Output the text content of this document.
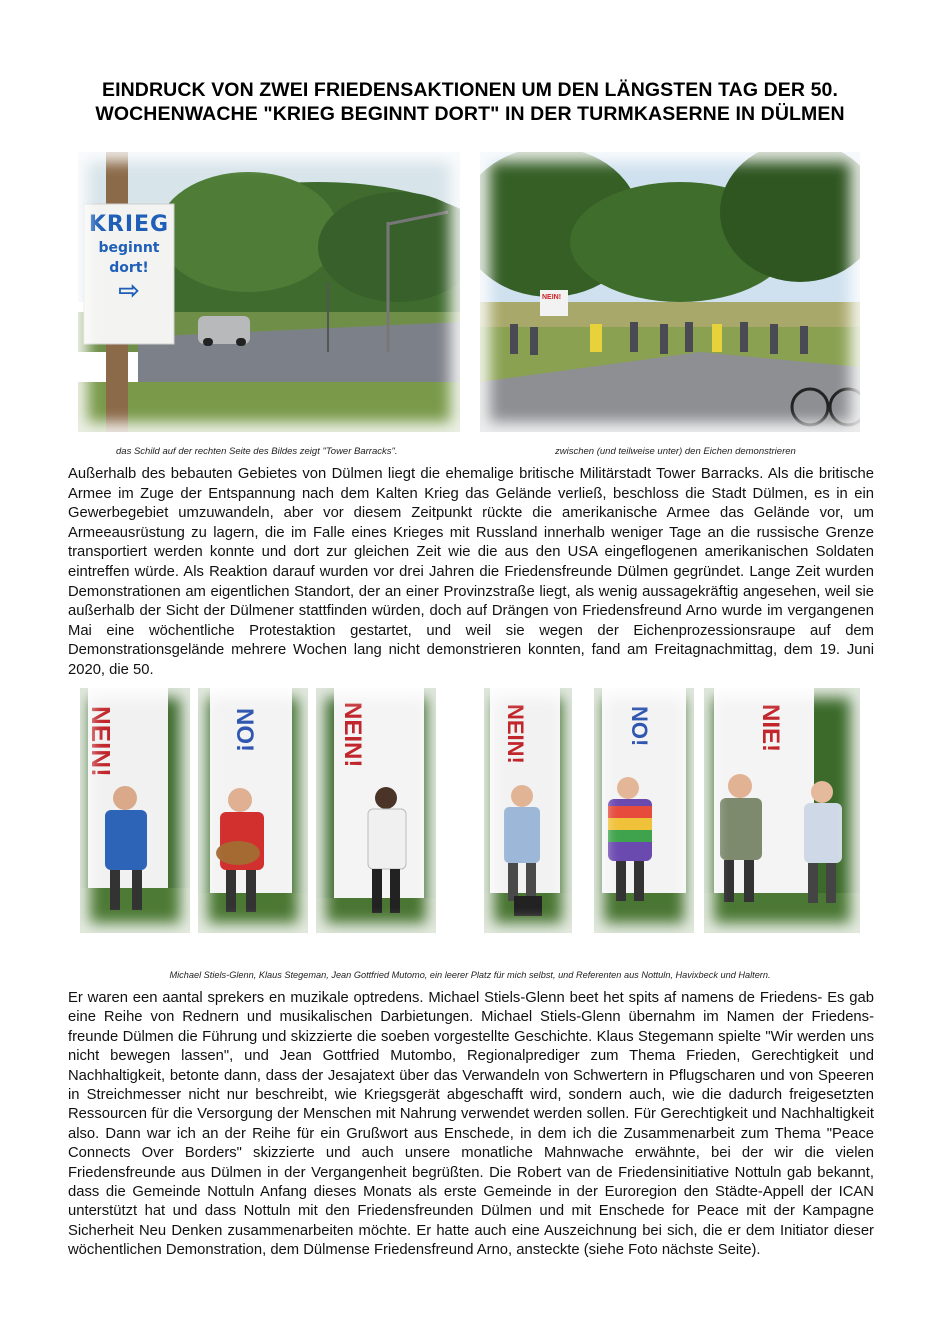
EINDRUCK VON ZWEI FRIEDENSAKTIONEN UM DEN LÄNGSTEN TAG DER 50.
WOCHENWACHE "KRIEG BEGINNT DORT" IN DER TURMKASERNE IN DÜLMEN
KRIEG
beginnt
dort!
⇨	NEIN!
das Schild auf der rechten Seite des Bildes zeigt "Tower Barracks".	zwischen (und teilweise unter) den Eichen demonstrieren
Außerhalb des bebauten Gebietes von Dülmen liegt die ehemalige britische Militärstadt Tower Barracks. Als die britische Armee im Zuge der Entspannung nach dem Kalten Krieg das Gelände verließ, beschloss die Stadt Dülmen, es in ein Gewerbegebiet umzuwandeln, aber vor diesem Zeitpunkt rückte die amerikanische Armee das Gelände vor, um Armeeausrüstung zu lagern, die im Falle eines Krieges mit Russland innerhalb weniger Tage an die russische Grenze transportiert werden konnte und dort zur gleichen Zeit wie die aus den USA eingeflogenen amerikanischen Soldaten eintreffen würde. Als Reaktion darauf wurden vor drei Jahren die Friedensfreunde Dülmen gegründet. Lange Zeit wurden Demonstrationen am eigentlichen Standort, der an einer Provinzstraße liegt, als wenig aussagekräftig angesehen, weil sie außerhalb der Sicht der Dülmener stattfinden würden, doch auf Drängen von Friedensfreund Arno wurde im vergangenen Mai eine wöchentliche Protestaktion gestartet, und weil sie wegen der Eichenprozessionsraupe auf dem Demonstrationsgelände mehrere Wochen lang nicht demonstrieren konnten, fand am Freitagnachmittag, dem 19. Juni 2020, die 50.
NEIN!	NO!	NEIN!	NEIN!	NO!	NIE!
Michael Stiels-Glenn, Klaus Stegeman, Jean Gottfried Mutomo, ein leerer Platz für mich selbst, und Referenten aus Nottuln, Havixbeck und Haltern.
Er waren een aantal sprekers en muzikale optredens. Michael Stiels-Glenn beet het spits af namens de Friedens- Es gab eine Reihe von Rednern und musikalischen Darbietungen. Michael Stiels-Glenn übernahm im Namen der Friedens- freunde Dülmen die Führung und skizzierte die soeben vorgestellte Geschichte. Klaus Stegemann spielte "Wir werden uns nicht bewegen lassen", und Jean Gottfried Mutombo, Regionalprediger zum Thema Frieden, Gerechtigkeit und Nachhaltigkeit, betonte dann, dass der Jesajatext über das Verwandeln von Schwertern in Pflugscharen und von Speeren in Streichmesser nicht nur beschreibt, wie Kriegsgerät abgeschafft wird, sondern auch, wie die dadurch freigesetzten Ressourcen für die Versorgung der Menschen mit Nahrung verwendet werden sollen. Für Gerechtigkeit und Nachhaltigkeit also. Dann war ich an der Reihe für ein Grußwort aus Enschede, in dem ich die Zusammenarbeit zum Thema "Peace Connects Over Borders" skizzierte und auch unsere monatliche Mahnwache erwähnte, bei der wir die vielen Friedensfreunde aus Dülmen in der Vergangenheit begrüßten. Die Robert van de Friedensinitiative Nottuln gab bekannt, dass die Gemeinde Nottuln Anfang dieses Monats als erste Gemeinde in der Euroregion den Städte-Appell der ICAN unterstützt hat und dass Nottuln mit den Friedensfreunden Dülmen und mit Enschede for Peace mit der Kampagne Sicherheit Neu Denken zusammenarbeiten möchte. Er hatte auch eine Auszeichnung bei sich, die er dem Initiator dieser wöchentlichen Demonstration, dem Dülmense Friedensfreund Arno, ansteckte (siehe Foto nächste Seite).
